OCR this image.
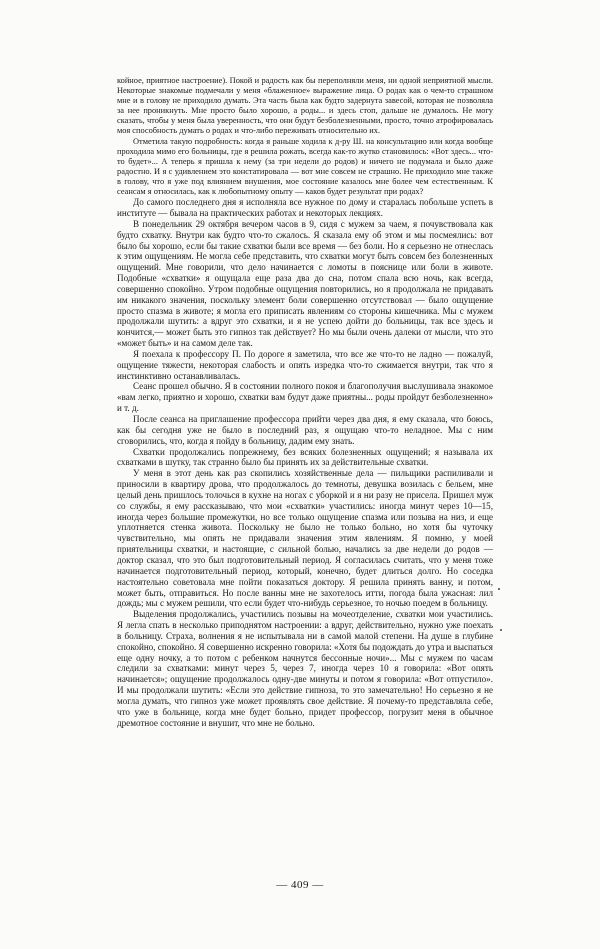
койное, приятное настроение). Покой и радость как бы переполняли меня, ни одной неприятной мысли. Некоторые знакомые подмечали у меня «блаженное» выражение лица. О родах как о чем-то страшном мне и в голову не приходило думать. Эта часть была как будто задернута завесой, которая не позволяла за нее проникнуть. Мне просто было хорошо, а роды... и здесь стоп, дальше не думалось. Не могу сказать, чтобы у меня была уверенность, что они будут безболезненными, просто, точно атрофировалась моя способность думать о родах и что-либо переживать относительно их.

Отметила такую подробность: когда я раньше ходила к д-ру Ш. на консультацию или когда вообще проходила мимо его больницы, где я решила рожать, всегда как-то жутко становилось: «Вот здесь... что-то будет»... А теперь я пришла к нему (за три недели до родов) и ничего не подумала и было даже радостно. И я с удивлением это констатировала — вот мне совсем не страшно. Не приходило мне также в голову, что я уже под влиянием внушения, мое состояние казалось мне более чем естественным. К сеансам я относилась, как к любопытному опыту — каков будет результат при родах?

До самого последнего дня я исполняла все нужное по дому и старалась побольше успеть в институте — бывала на практических работах и некоторых лекциях.

В понедельник 29 октября вечером часов в 9, сидя с мужем за чаем, я почувствовала как будто схватку. Внутри как будто что-то сжалось. Я сказала ему об этом и мы посмеялись: вот было бы хорошо, если бы такие схватки были все время — без боли. Но я серьезно не отнеслась к этим ощущениям. Не могла себе представить, что схватки могут быть совсем без болезненных ощущений. Мне говорили, что дело начинается с ломоты в пояснице или боли в животе. Подобные «схватки» я ощущала еще раза два до сна, потом спала всю ночь, как всегда, совершенно спокойно. Утром подобные ощущения повторились, но я продолжала не придавать им никакого значения, поскольку элемент боли совершенно отсутствовал — было ощущение просто спазма в животе; я могла его приписать явлениям со стороны кишечника. Мы с мужем продолжали шутить: а вдруг это схватки, и я не успею дойти до больницы, так все здесь и кончится,— может быть это гипноз так действует? Но мы были очень далеки от мысли, что это «может быть» и на самом деле так.

Я поехала к профессору П. По дороге я заметила, что все же что-то не ладно — пожалуй, ощущение тяжести, некоторая слабость и опять изредка что-то сжимается внутри, так что я инстинктивно останавливалась.

Сеанс прошел обычно. Я в состоянии полного покоя и благополучия выслушивала знакомое «вам легко, приятно и хорошо, схватки вам будут даже приятны... роды пройдут безболезненно» и т. д.

После сеанса на приглашение профессора прийти через два дня, я ему сказала, что боюсь, как бы сегодня уже не было в последний раз, я ощущаю что-то неладное. Мы с ним сговорились, что, когда я пойду в больницу, дадим ему знать.

Схватки продолжались попрежнему, без всяких болезненных ощущений; я называла их схватками в шутку, так странно было бы принять их за действительные схватки.

У меня в этот день как раз скопились хозяйственные дела — пильщики распиливали и приносили в квартиру дрова, что продолжалось до темноты, девушка возилась с бельем, мне целый день пришлось толочься в кухне на ногах с уборкой и я ни разу не присела. Пришел муж со службы, я ему рассказываю, что мои «схватки» участились: иногда минут через 10—15, иногда через большие промежутки, но все только ощущение спазма или позыва на низ, и еще уплотняется стенка живота. Поскольку не было не только больно, но хотя бы чуточку чувствительно, мы опять не придавали значения этим явлениям. Я помню, у моей приятельницы схватки, и настоящие, с сильной болью, начались за две недели до родов — доктор сказал, что это был подготовительный период. Я согласилась считать, что у меня тоже начинается подготовительный период, который, конечно, будет длиться долго. Но соседка настоятельно советовала мне пойти показаться доктору. Я решила принять ванну, и потом, может быть, отправиться. Но после ванны мне не захотелось итти, погода была ужасная: лил дождь; мы с мужем решили, что если будет что-нибудь серьезное, то ночью поедем в больницу.

Выделения продолжались, участились позывы на мочеотделение, схватки мои участились. Я легла спать в несколько приподнятом настроении: а вдруг, действительно, нужно уже поехать в больницу. Страха, волнения я не испытывала ни в самой малой степени. На душе в глубине спокойно, спокойно. Я совершенно искренно говорила: «Хотя бы подождать до утра и выспаться еще одну ночку, а то потом с ребенком начнутся бессонные ночи»... Мы с мужем по часам следили за схватками: минут через 5, через 7, иногда через 10 я говорила: «Вот опять начинается»; ощущение продолжалось одну-две минуты и потом я говорила: «Вот отпустило». И мы продолжали шутить: «Если это действие гипноза, то это замечательно! Но серьезно я не могла думать, что гипноз уже может проявлять свое действие. Я почему-то представляла себе, что уже в больнице, когда мне будет больно, придет профессор, погрузит меня в обычное дремотное состояние и внушит, что мне не больно.

— 409 —
